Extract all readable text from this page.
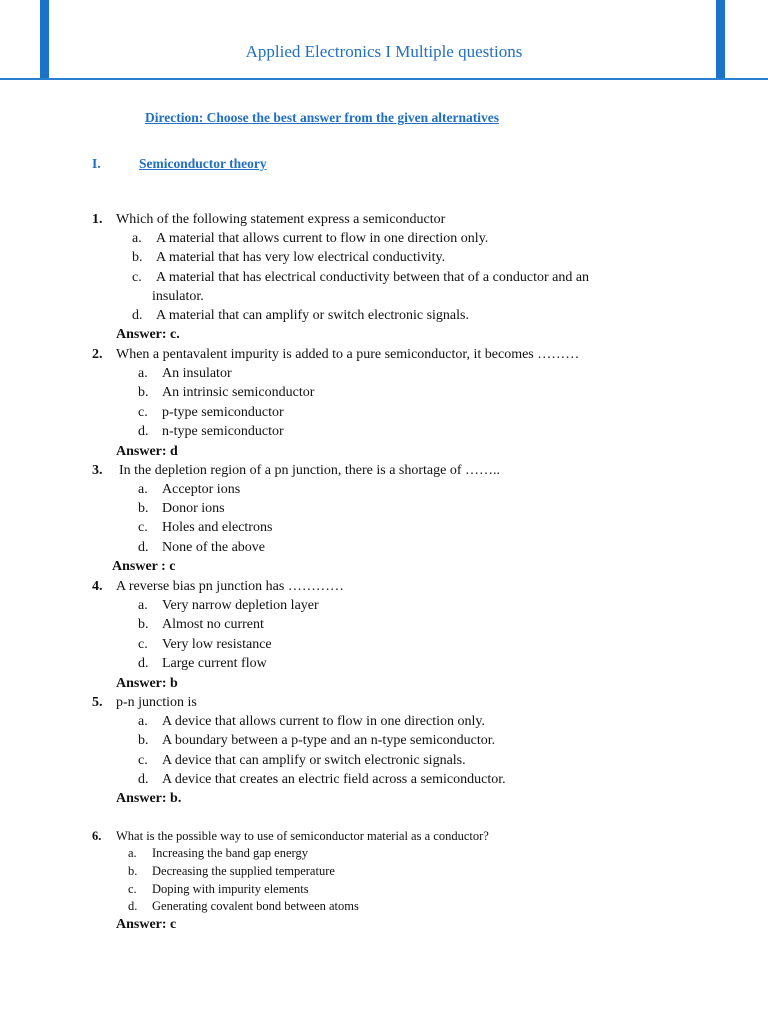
Applied Electronics I Multiple questions
Direction: Choose the best answer from the given alternatives
I.	Semiconductor theory
1. Which of the following statement express a semiconductor
a. A material that allows current to flow in one direction only.
b. A material that has very low electrical conductivity.
c. A material that has electrical conductivity between that of a conductor and an
insulator.
d. A material that can amplify or switch electronic signals.
Answer: c.
2. When a pentavalent impurity is added to a pure semiconductor, it becomes ………
a. An insulator
b. An intrinsic semiconductor
c. p-type semiconductor
d. n-type semiconductor
Answer: d
3. In the depletion region of a pn junction, there is a shortage of ……..
a. Acceptor ions
b. Donor ions
c. Holes and electrons
d. None of the above
Answer : c
4. A reverse bias pn junction has …………
a. Very narrow depletion layer
b. Almost no current
c. Very low resistance
d. Large current flow
Answer: b
5. p-n junction is
a. A device that allows current to flow in one direction only.
b. A boundary between a p-type and an n-type semiconductor.
c. A device that can amplify or switch electronic signals.
d. A device that creates an electric field across a semiconductor.
Answer: b.
6. What is the possible way to use of semiconductor material as a conductor?
a. Increasing the band gap energy
b. Decreasing the supplied temperature
c. Doping with impurity elements
d. Generating covalent bond between atoms
Answer: c
